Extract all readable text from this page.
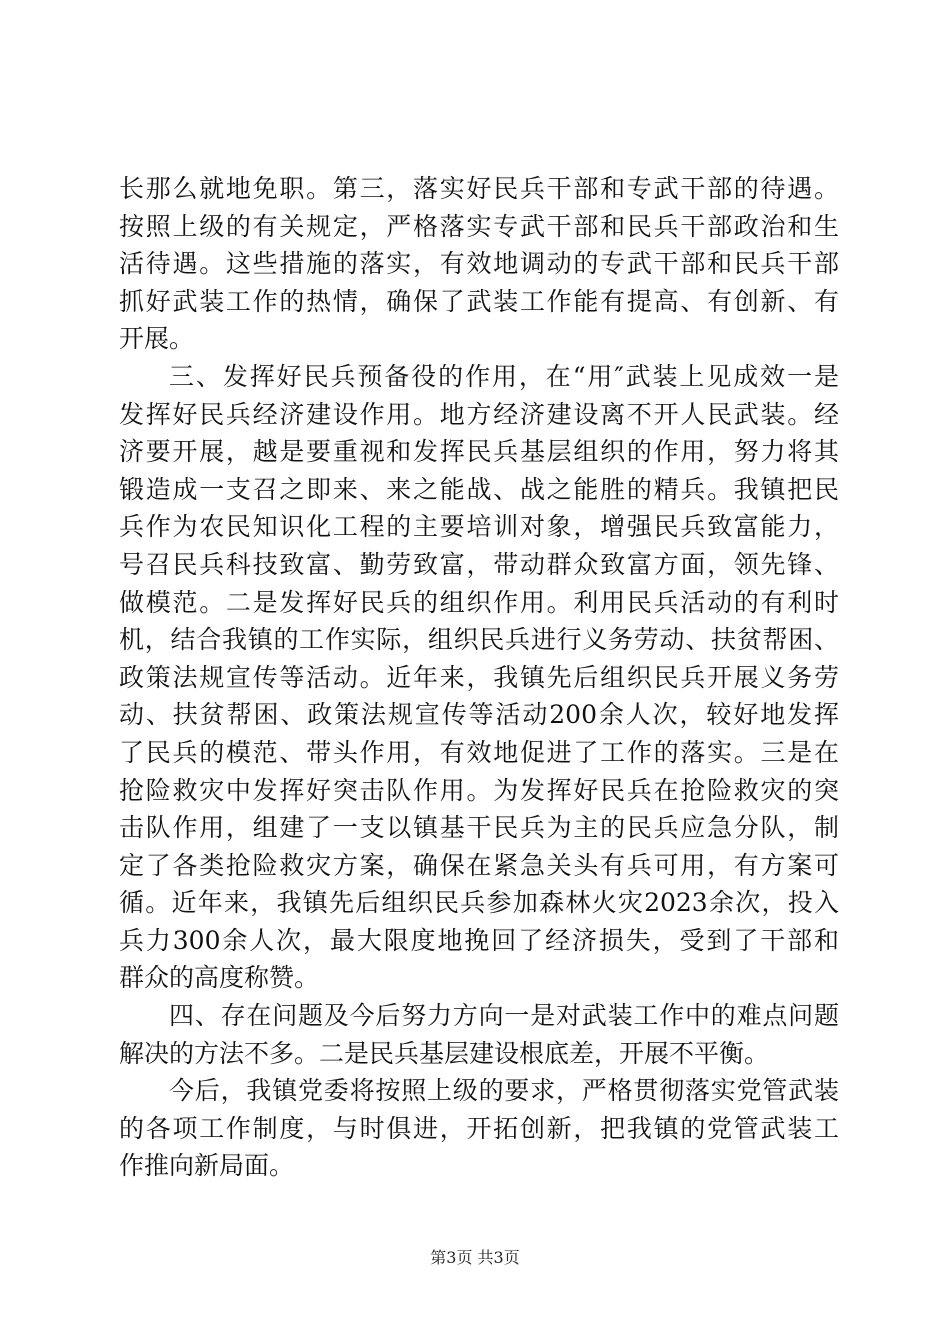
长那么就地免职。第三，落实好民兵干部和专武干部的待遇。
按照上级的有关规定，严格落实专武干部和民兵干部政治和生
活待遇。这些措施的落实，有效地调动的专武干部和民兵干部
抓好武装工作的热情，确保了武装工作能有提高、有创新、有
开展。
三、发挥好民兵预备役的作用，在“用″武装上见成效一是
发挥好民兵经济建设作用。地方经济建设离不开人民武装。经
济要开展，越是要重视和发挥民兵基层组织的作用，努力将其
锻造成一支召之即来、来之能战、战之能胜的精兵。我镇把民
兵作为农民知识化工程的主要培训对象，增强民兵致富能力，
号召民兵科技致富、勤劳致富，带动群众致富方面，领先锋、
做模范。二是发挥好民兵的组织作用。利用民兵活动的有利时
机，结合我镇的工作实际，组织民兵进行义务劳动、扶贫帮困、
政策法规宣传等活动。近年来，我镇先后组织民兵开展义务劳
动、扶贫帮困、政策法规宣传等活动200余人次，较好地发挥
了民兵的模范、带头作用，有效地促进了工作的落实。三是在
抢险救灾中发挥好突击队作用。为发挥好民兵在抢险救灾的突
击队作用，组建了一支以镇基干民兵为主的民兵应急分队，制
定了各类抢险救灾方案，确保在紧急关头有兵可用，有方案可
循。近年来，我镇先后组织民兵参加森林火灾2023余次，投入
兵力300余人次，最大限度地挽回了经济损失，受到了干部和
群众的高度称赞。
四、存在问题及今后努力方向一是对武装工作中的难点问题
解决的方法不多。二是民兵基层建设根底差，开展不平衡。
今后，我镇党委将按照上级的要求，严格贯彻落实党管武装
的各项工作制度，与时俱进，开拓创新，把我镇的党管武装工
作推向新局面。
第3页 共3页
